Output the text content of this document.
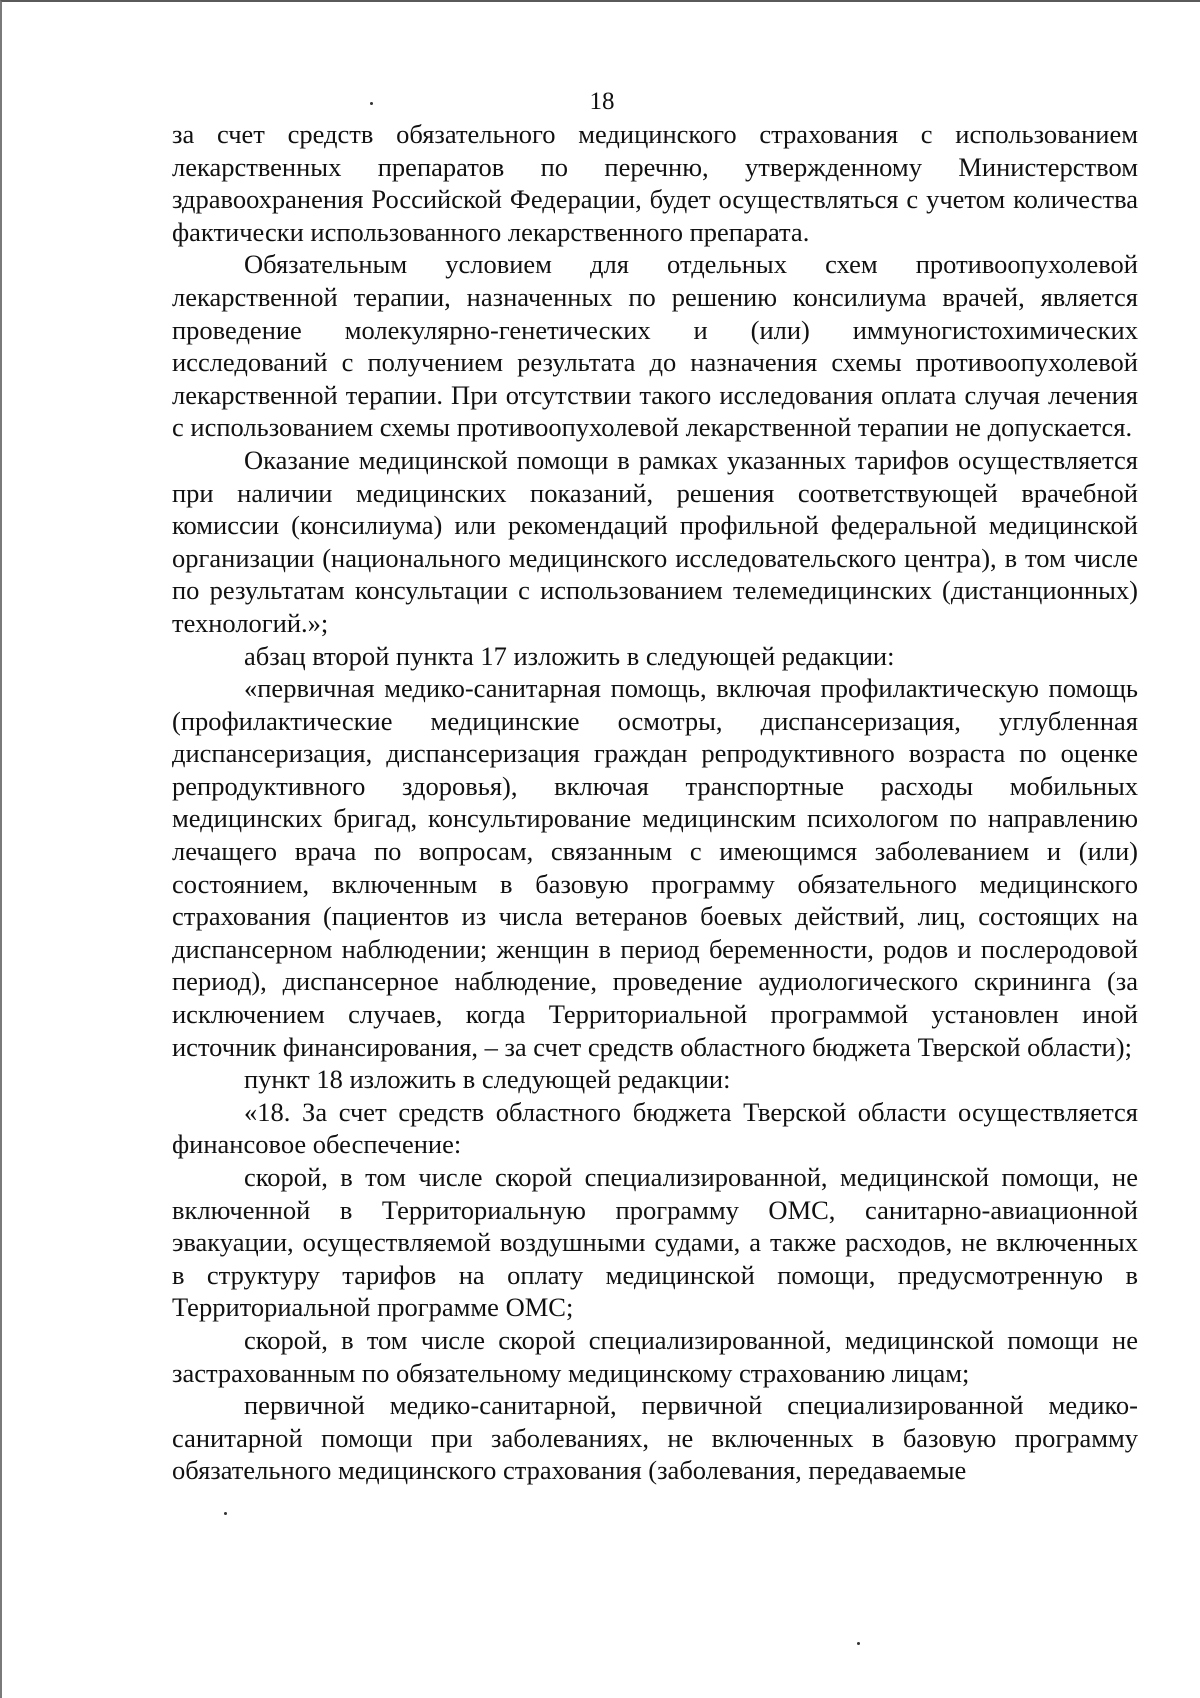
18

за счет средств обязательного медицинского страхования с использованием лекарственных препаратов по перечню, утвержденному Министерством здравоохранения Российской Федерации, будет осуществляться с учетом количества фактически использованного лекарственного препарата.

Обязательным условием для отдельных схем противоопухолевой лекарственной терапии, назначенных по решению консилиума врачей, является проведение молекулярно-генетических и (или) иммуногистохимических исследований с получением результата до назначения схемы противоопухолевой лекарственной терапии. При отсутствии такого исследования оплата случая лечения с использованием схемы противоопухолевой лекарственной терапии не допускается.

Оказание медицинской помощи в рамках указанных тарифов осуществляется при наличии медицинских показаний, решения соответствующей врачебной комиссии (консилиума) или рекомендаций профильной федеральной медицинской организации (национального медицинского исследовательского центра), в том числе по результатам консультации с использованием телемедицинских (дистанционных) технологий.»;

абзац второй пункта 17 изложить в следующей редакции:

«первичная медико-санитарная помощь, включая профилактическую помощь (профилактические медицинские осмотры, диспансеризация, углубленная диспансеризация, диспансеризация граждан репродуктивного возраста по оценке репродуктивного здоровья), включая транспортные расходы мобильных медицинских бригад, консультирование медицинским психологом по направлению лечащего врача по вопросам, связанным с имеющимся заболеванием и (или) состоянием, включенным в базовую программу обязательного медицинского страхования (пациентов из числа ветеранов боевых действий, лиц, состоящих на диспансерном наблюдении; женщин в период беременности, родов и послеродовой период), диспансерное наблюдение, проведение аудиологического скрининга (за исключением случаев, когда Территориальной программой установлен иной источник финансирования, – за счет средств областного бюджета Тверской области);

пункт 18 изложить в следующей редакции:

«18. За счет средств областного бюджета Тверской области осуществляется финансовое обеспечение:

скорой, в том числе скорой специализированной, медицинской помощи, не включенной в Территориальную программу ОМС, санитарно-авиационной эвакуации, осуществляемой воздушными судами, а также расходов, не включенных в структуру тарифов на оплату медицинской помощи, предусмотренную в Территориальной программе ОМС;

скорой, в том числе скорой специализированной, медицинской помощи не застрахованным по обязательному медицинскому страхованию лицам;

первичной медико-санитарной, первичной специализированной медико-санитарной помощи при заболеваниях, не включенных в базовую программу обязательного медицинского страхования (заболевания, передаваемые
